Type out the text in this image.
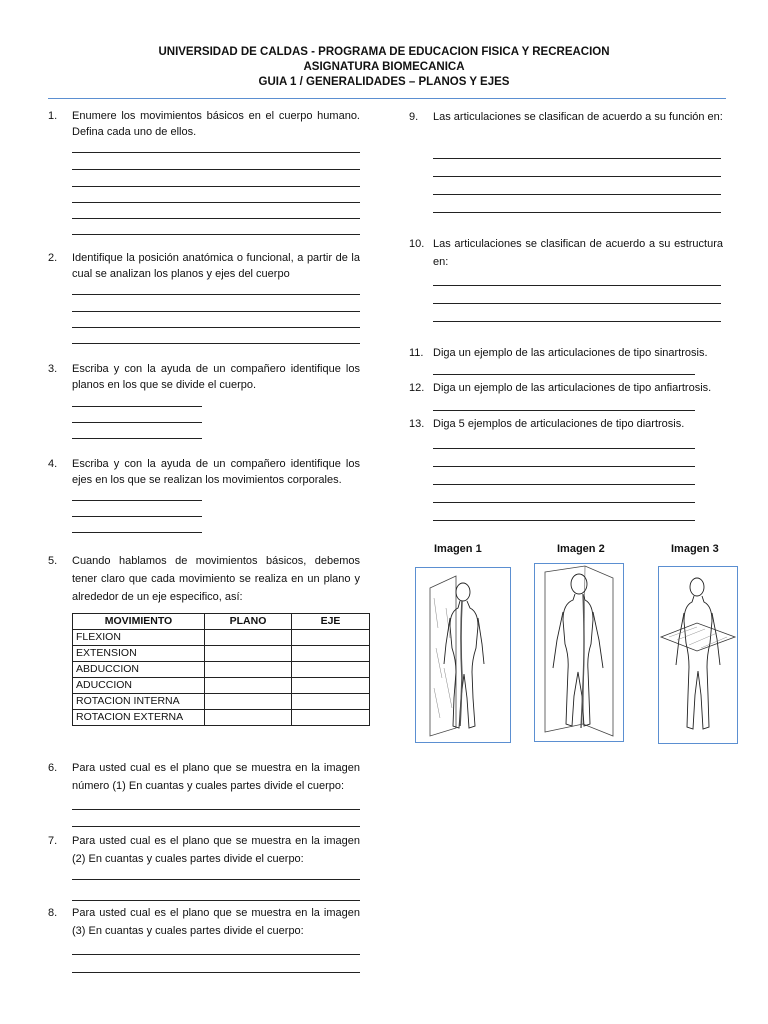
UNIVERSIDAD DE CALDAS - PROGRAMA DE EDUCACION FISICA Y RECREACION
ASIGNATURA BIOMECANICA
GUIA 1 / GENERALIDADES – PLANOS Y EJES
1. Enumere los movimientos básicos en el cuerpo humano. Defina cada uno de ellos.
2. Identifique la posición anatómica o funcional, a partir de la cual se analizan los planos y ejes del cuerpo
3. Escriba y con la ayuda de un compañero identifique los planos en los que se divide el cuerpo.
4. Escriba y con la ayuda de un compañero identifique los ejes en los que se realizan los movimientos corporales.
5. Cuando hablamos de movimientos básicos, debemos tener claro que cada movimiento se realiza en un plano y alrededor de un eje especifico, así:
MOVIMIENTO	PLANO	EJE
FLEXION		
EXTENSION		
ABDUCCION		
ADUCCION		
ROTACION INTERNA		
ROTACION EXTERNA		
6. Para usted cual es el plano que se muestra en la imagen número (1) En cuantas y cuales partes divide el cuerpo:
7. Para usted cual es el plano que se muestra en la imagen (2) En cuantas y cuales partes divide el cuerpo:
8. Para usted cual es el plano que se muestra en la imagen (3) En cuantas y cuales partes divide el cuerpo:
9. Las articulaciones se clasifican de acuerdo a su función en:
10. Las articulaciones se clasifican de acuerdo a su estructura en:
11. Diga un ejemplo de las articulaciones de tipo sinartrosis.
12. Diga un ejemplo de las articulaciones de tipo anfiartrosis.
13. Diga 5 ejemplos de articulaciones de tipo diartrosis.
Imagen 1	Imagen 2	Imagen 3
